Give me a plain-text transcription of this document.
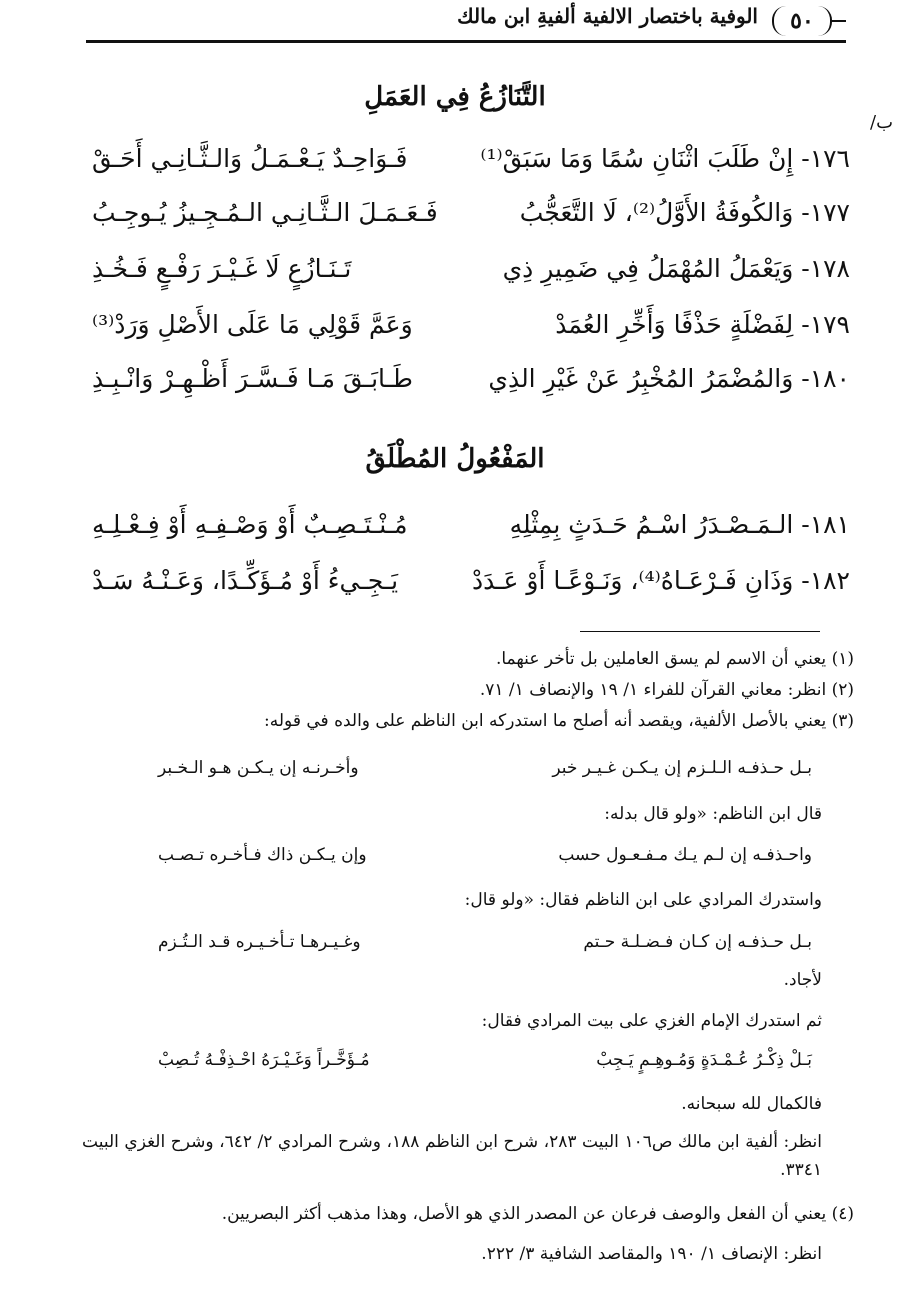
الوفية باختصار الالفية ألفيةِ ابن مالك	٥٠
ب/
التَّنَازُعُ فِي العَمَلِ
١٧٦- إِنْ طَلَبَ اثْنَانِ سُمًا وَمَا سَبَقْ⁽¹⁾
فَـوَاحِـدٌ يَـعْـمَـلُ وَالـثَّـانِـي أَحَـقْ
١٧٧- وَالكُوفَةُ الأَوَّلُ⁽²⁾، لَا التَّعَجُّبُ
فَـعَـمَـلَ الـثَّـانِـي الـمُـجِـيزُ يُـوجِـبُ
١٧٨- وَيَعْمَلُ المُهْمَلُ فِي ضَمِيرِ ذِي
تَـنَـازُعٍ لَا غَـيْـرَ رَفْـعٍ فَـخُـذِ
١٧٩- لِفَضْلَةٍ حَذْفًا وَأَخِّرِ العُمَدْ
وَعَمَّ قَوْلِي مَا عَلَى الأَصْلِ وَرَدْ⁽³⁾
١٨٠- وَالمُضْمَرُ المُخْبِرُ عَنْ غَيْرِ الذِي
طَـابَـقَ مَـا فَـسَّـرَ أَظْـهِـرْ وَانْـبِـذِ
المَفْعُولُ المُطْلَقُ
١٨١- الـمَـصْـدَرُ اسْـمُ حَـدَثٍ بِمِثْلِهِ
مُـنْـتَـصِـبٌ أَوْ وَصْـفِـهِ أَوْ فِـعْـلِـهِ
١٨٢- وَذَانِ فَـرْعَـاهُ⁽⁴⁾، وَنَـوْعًـا أَوْ عَـدَدْ
يَـجِـيءُ أَوْ مُـؤَكِّـدًا، وَعَـنْـهُ سَـدْ
(١) يعني أن الاسم لم يسق العاملين بل تأخر عنهما.
(٢) انظر: معاني القرآن للفراء ١/ ١٩ والإنصاف ١/ ٧١.
(٣) يعني بالأصل الألفية، ويقصد أنه أصلح ما استدركه ابن الناظم على والده في قوله:
بـل حـذفـه الـلـزم إن يـكـن غـيـر خبر
وأخـرنـه إن يـكـن هـو الـخـبر
قال ابن الناظم: «ولو قال بدله:
واحـذفـه إن لـم يـك مـفـعـول حسب
وإن يـكـن ذاك فـأخـره تـصـب
واستدرك المرادي على ابن الناظم فقال: «ولو قال:
بـل حـذفـه إن كـان فـضـلـة حـتم
وغـيـرهـا تـأخـيـره قـد الـتُـزم
لأجاد.
ثم استدرك الإمام الغزي على بيت المرادي فقال:
بَـلْ ذِكْـرُ عُـمْـدَةٍ وَمُـوهِـمٍ يَـجِبْ
مُـؤَخَّـراً وَغَـيْـرَهُ احْـذِفْـهُ تُـصِبْ
فالكمال لله سبحانه.
انظر: ألفية ابن مالك ص١٠٦ البيت ٢٨٣، شرح ابن الناظم ١٨٨، وشرح المرادي ٢/ ٦٤٢، وشرح الغزي البيت ٣٣٤١.
(٤) يعني أن الفعل والوصف فرعان عن المصدر الذي هو الأصل، وهذا مذهب أكثر البصريين.
انظر: الإنصاف ١/ ١٩٠ والمقاصد الشافية ٣/ ٢٢٢.
